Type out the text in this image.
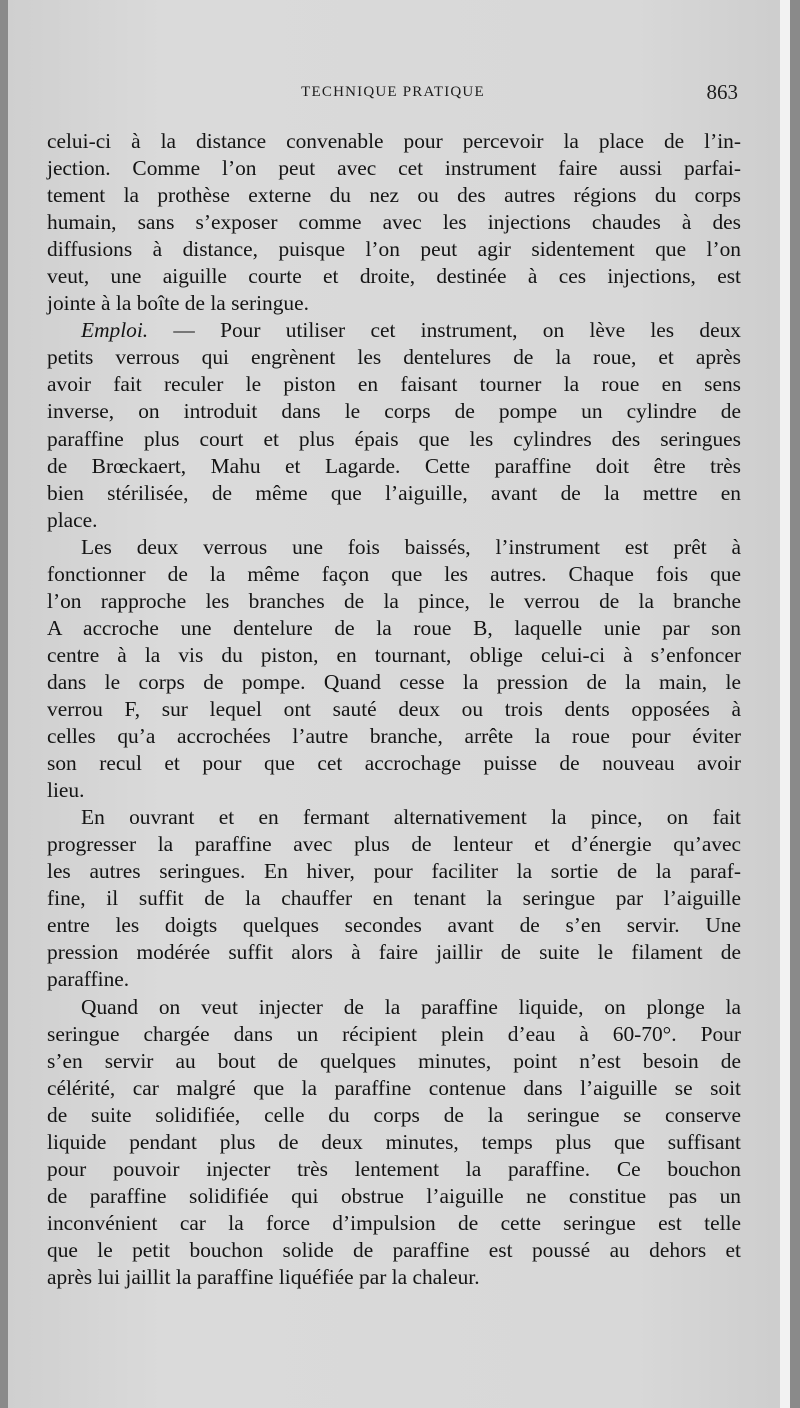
TECHNIQUE PRATIQUE	863
celui-ci à la distance convenable pour percevoir la place de l’in-
jection. Comme l’on peut avec cet instrument faire aussi parfai-
tement la prothèse externe du nez ou des autres régions du corps
humain, sans s’exposer comme avec les injections chaudes à des
diffusions à distance, puisque l’on peut agir sidentement que l’on
veut, une aiguille courte et droite, destinée à ces injections, est
jointe à la boîte de la seringue.
Emploi. — Pour utiliser cet instrument, on lève les deux
petits verrous qui engrènent les dentelures de la roue, et après
avoir fait reculer le piston en faisant tourner la roue en sens
inverse, on introduit dans le corps de pompe un cylindre de
paraffine plus court et plus épais que les cylindres des seringues
de Brœckaert, Mahu et Lagarde. Cette paraffine doit être très
bien stérilisée, de même que l’aiguille, avant de la mettre en
place.
Les deux verrous une fois baissés, l’instrument est prêt à
fonctionner de la même façon que les autres. Chaque fois que
l’on rapproche les branches de la pince, le verrou de la branche
A accroche une dentelure de la roue B, laquelle unie par son
centre à la vis du piston, en tournant, oblige celui-ci à s’enfoncer
dans le corps de pompe. Quand cesse la pression de la main, le
verrou F, sur lequel ont sauté deux ou trois dents opposées à
celles qu’a accrochées l’autre branche, arrête la roue pour éviter
son recul et pour que cet accrochage puisse de nouveau avoir
lieu.
En ouvrant et en fermant alternativement la pince, on fait
progresser la paraffine avec plus de lenteur et d’énergie qu’avec
les autres seringues. En hiver, pour faciliter la sortie de la paraf-
fine, il suffit de la chauffer en tenant la seringue par l’aiguille
entre les doigts quelques secondes avant de s’en servir. Une
pression modérée suffit alors à faire jaillir de suite le filament de
paraffine.
Quand on veut injecter de la paraffine liquide, on plonge la
seringue chargée dans un récipient plein d’eau à 60-70°. Pour
s’en servir au bout de quelques minutes, point n’est besoin de
célérité, car malgré que la paraffine contenue dans l’aiguille se soit
de suite solidifiée, celle du corps de la seringue se conserve
liquide pendant plus de deux minutes, temps plus que suffisant
pour pouvoir injecter très lentement la paraffine. Ce bouchon
de paraffine solidifiée qui obstrue l’aiguille ne constitue pas un
inconvénient car la force d’impulsion de cette seringue est telle
que le petit bouchon solide de paraffine est poussé au dehors et
après lui jaillit la paraffine liquéfiée par la chaleur.
